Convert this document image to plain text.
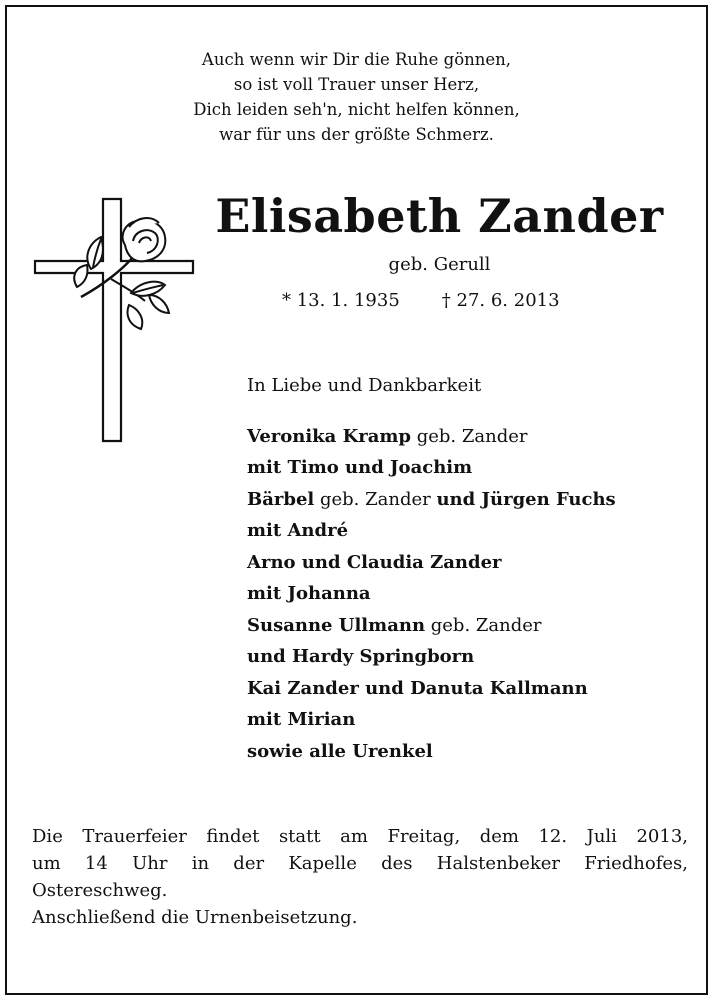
Auch wenn wir Dir die Ruhe gönnen,
so ist voll Trauer unser Herz,
Dich leiden seh'n, nicht helfen können,
war für uns der größte Schmerz.
Elisabeth Zander
geb. Gerull
* 13. 1. 1935 † 27. 6. 2013
In Liebe und Dankbarkeit
Veronika Kramp geb. Zander
mit Timo und Joachim
Bärbel geb. Zander und Jürgen Fuchs
mit André
Arno und Claudia Zander
mit Johanna
Susanne Ullmann geb. Zander
und Hardy Springborn
Kai Zander und Danuta Kallmann
mit Mirian
sowie alle Urenkel
Die Trauerfeier findet statt am Freitag, dem 12. Juli 2013,
um 14 Uhr in der Kapelle des Halstenbeker Friedhofes,
Ostereschweg.
Anschließend die Urnenbeisetzung.
